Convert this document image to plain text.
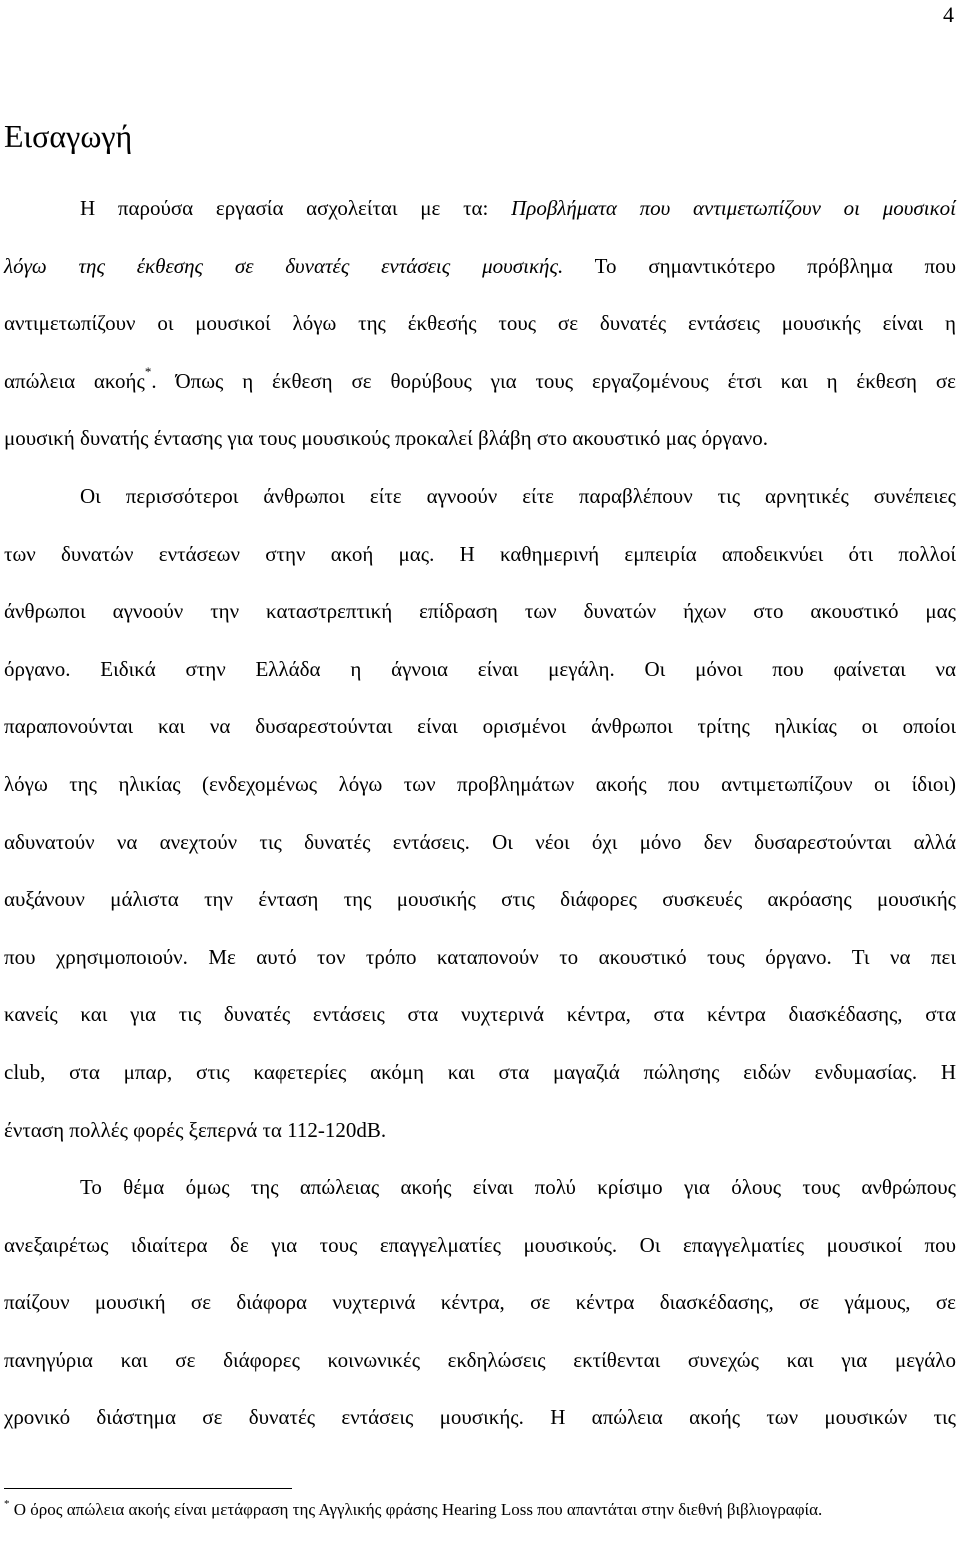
4
Εισαγωγή
Η παρούσα εργασία ασχολείται με τα: Προβλήματα που αντιμετωπίζουν οι μουσικοί
λόγω της έκθεσης σε δυνατές εντάσεις μουσικής. Το σημαντικότερο πρόβλημα που
αντιμετωπίζουν οι μουσικοί λόγω της έκθεσής τους σε δυνατές εντάσεις μουσικής είναι η
απώλεια ακοής*. Όπως η έκθεση σε θορύβους για τους εργαζομένους έτσι και η έκθεση σε
μουσική δυνατής έντασης για τους μουσικούς προκαλεί βλάβη στο ακουστικό μας όργανο.
Οι περισσότεροι άνθρωποι είτε αγνοούν είτε παραβλέπουν τις αρνητικές συνέπειες
των δυνατών εντάσεων στην ακοή μας. Η καθημερινή εμπειρία αποδεικνύει ότι πολλοί
άνθρωποι αγνοούν την καταστρεπτική επίδραση των δυνατών ήχων στο ακουστικό μας
όργανο. Ειδικά στην Ελλάδα η άγνοια είναι μεγάλη. Οι μόνοι που φαίνεται να
παραπονούνται και να δυσαρεστούνται είναι ορισμένοι άνθρωποι τρίτης ηλικίας οι οποίοι
λόγω της ηλικίας (ενδεχομένως λόγω των προβλημάτων ακοής που αντιμετωπίζουν οι ίδιοι)
αδυνατούν να ανεχτούν τις δυνατές εντάσεις. Οι νέοι όχι μόνο δεν δυσαρεστούνται αλλά
αυξάνουν μάλιστα την ένταση της μουσικής στις διάφορες συσκευές ακρόασης μουσικής
που χρησιμοποιούν. Με αυτό τον τρόπο καταπονούν το ακουστικό τους όργανο. Τι να πει
κανείς και για τις δυνατές εντάσεις στα νυχτερινά κέντρα, στα κέντρα διασκέδασης, στα
club, στα μπαρ, στις καφετερίες ακόμη και στα μαγαζιά πώλησης ειδών ενδυμασίας. Η
ένταση πολλές φορές ξεπερνά τα 112-120dB.
Το θέμα όμως της απώλειας ακοής είναι πολύ κρίσιμο για όλους τους ανθρώπους
ανεξαιρέτως ιδιαίτερα δε για τους επαγγελματίες μουσικούς. Οι επαγγελματίες μουσικοί που
παίζουν μουσική σε διάφορα νυχτερινά κέντρα, σε κέντρα διασκέδασης, σε γάμους, σε
πανηγύρια και σε διάφορες κοινωνικές εκδηλώσεις εκτίθενται συνεχώς και για μεγάλο
χρονικό διάστημα σε δυνατές εντάσεις μουσικής. Η απώλεια ακοής των μουσικών τις
* Ο όρος απώλεια ακοής είναι μετάφραση της Αγγλικής φράσης Hearing Loss που απαντάται στην διεθνή βιβλιογραφία.
